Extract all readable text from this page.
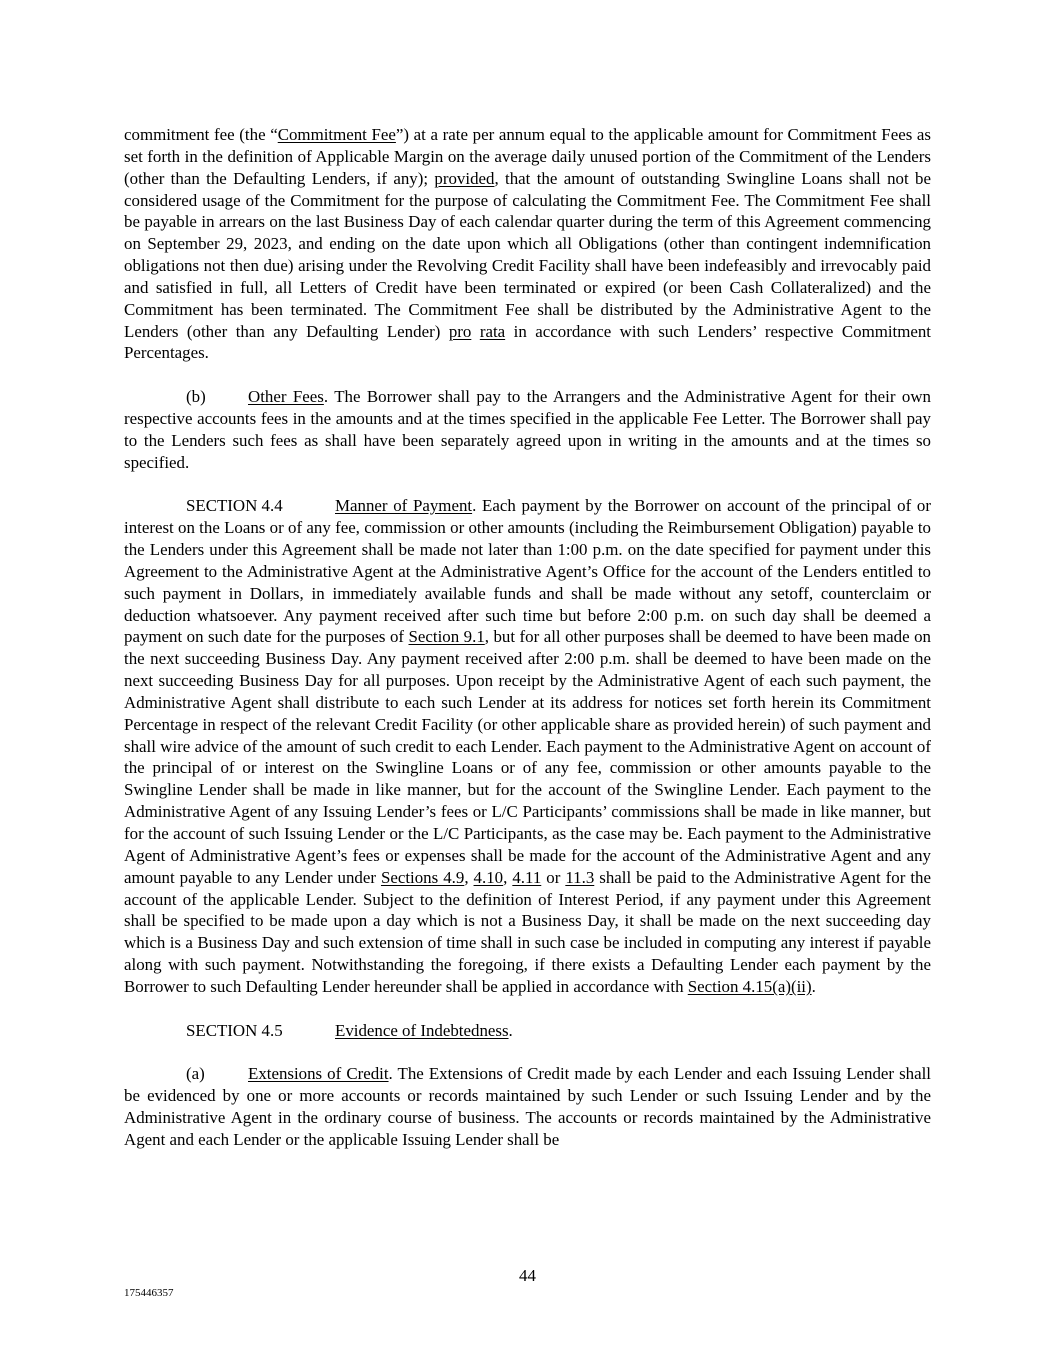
commitment fee (the “Commitment Fee”) at a rate per annum equal to the applicable amount for Commitment Fees as set forth in the definition of Applicable Margin on the average daily unused portion of the Commitment of the Lenders (other than the Defaulting Lenders, if any); provided, that the amount of outstanding Swingline Loans shall not be considered usage of the Commitment for the purpose of calculating the Commitment Fee. The Commitment Fee shall be payable in arrears on the last Business Day of each calendar quarter during the term of this Agreement commencing on September 29, 2023, and ending on the date upon which all Obligations (other than contingent indemnification obligations not then due) arising under the Revolving Credit Facility shall have been indefeasibly and irrevocably paid and satisfied in full, all Letters of Credit have been terminated or expired (or been Cash Collateralized) and the Commitment has been terminated. The Commitment Fee shall be distributed by the Administrative Agent to the Lenders (other than any Defaulting Lender) pro rata in accordance with such Lenders’ respective Commitment Percentages.

(b)	Other Fees. The Borrower shall pay to the Arrangers and the Administrative Agent for their own respective accounts fees in the amounts and at the times specified in the applicable Fee Letter. The Borrower shall pay to the Lenders such fees as shall have been separately agreed upon in writing in the amounts and at the times so specified.

SECTION 4.4	Manner of Payment. Each payment by the Borrower on account of the principal of or interest on the Loans or of any fee, commission or other amounts (including the Reimbursement Obligation) payable to the Lenders under this Agreement shall be made not later than 1:00 p.m. on the date specified for payment under this Agreement to the Administrative Agent at the Administrative Agent’s Office for the account of the Lenders entitled to such payment in Dollars, in immediately available funds and shall be made without any setoff, counterclaim or deduction whatsoever. Any payment received after such time but before 2:00 p.m. on such day shall be deemed a payment on such date for the purposes of Section 9.1, but for all other purposes shall be deemed to have been made on the next succeeding Business Day. Any payment received after 2:00 p.m. shall be deemed to have been made on the next succeeding Business Day for all purposes. Upon receipt by the Administrative Agent of each such payment, the Administrative Agent shall distribute to each such Lender at its address for notices set forth herein its Commitment Percentage in respect of the relevant Credit Facility (or other applicable share as provided herein) of such payment and shall wire advice of the amount of such credit to each Lender. Each payment to the Administrative Agent on account of the principal of or interest on the Swingline Loans or of any fee, commission or other amounts payable to the Swingline Lender shall be made in like manner, but for the account of the Swingline Lender. Each payment to the Administrative Agent of any Issuing Lender’s fees or L/C Participants’ commissions shall be made in like manner, but for the account of such Issuing Lender or the L/C Participants, as the case may be. Each payment to the Administrative Agent of Administrative Agent’s fees or expenses shall be made for the account of the Administrative Agent and any amount payable to any Lender under Sections 4.9, 4.10, 4.11 or 11.3 shall be paid to the Administrative Agent for the account of the applicable Lender. Subject to the definition of Interest Period, if any payment under this Agreement shall be specified to be made upon a day which is not a Business Day, it shall be made on the next succeeding day which is a Business Day and such extension of time shall in such case be included in computing any interest if payable along with such payment. Notwithstanding the foregoing, if there exists a Defaulting Lender each payment by the Borrower to such Defaulting Lender hereunder shall be applied in accordance with Section 4.15(a)(ii).

SECTION 4.5	Evidence of Indebtedness.

(a)	Extensions of Credit. The Extensions of Credit made by each Lender and each Issuing Lender shall be evidenced by one or more accounts or records maintained by such Lender or such Issuing Lender and by the Administrative Agent in the ordinary course of business. The accounts or records maintained by the Administrative Agent and each Lender or the applicable Issuing Lender shall be

44
175446357
